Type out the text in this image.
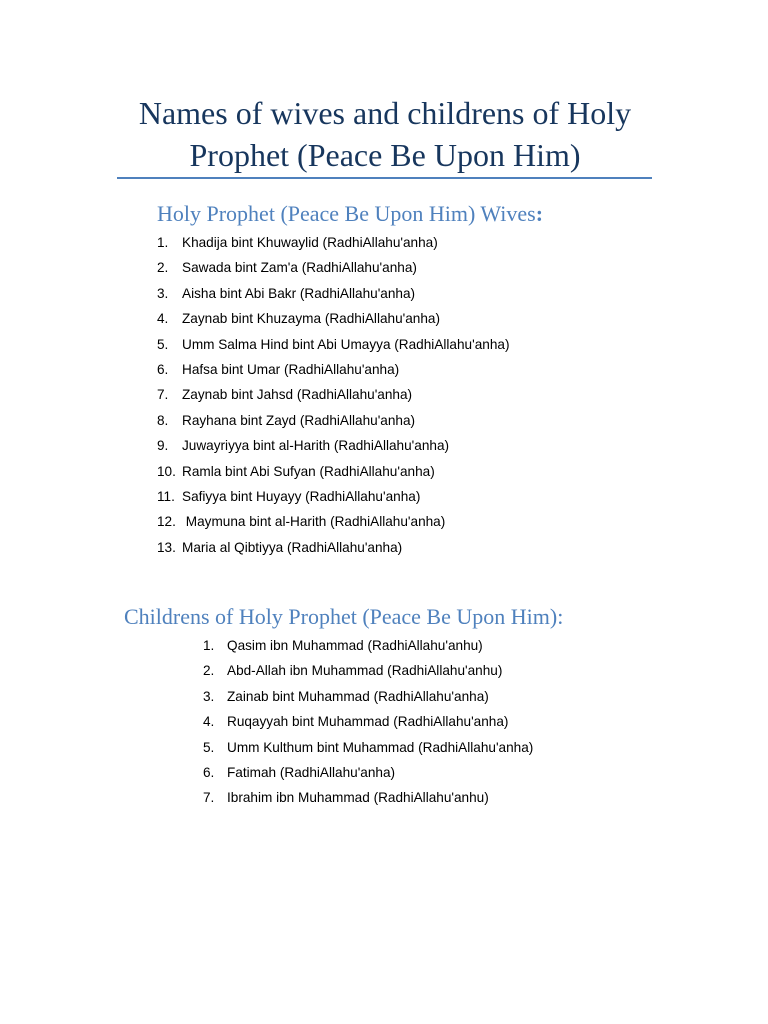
Names of wives and childrens of Holy
Prophet (Peace Be Upon Him)
Holy Prophet (Peace Be Upon Him) Wives:
1. Khadija bint Khuwaylid (RadhiAllahu'anha)
2. Sawada bint Zam'a (RadhiAllahu'anha)
3. Aisha bint Abi Bakr (RadhiAllahu'anha)
4. Zaynab bint Khuzayma (RadhiAllahu'anha)
5. Umm Salma Hind bint Abi Umayya (RadhiAllahu'anha)
6. Hafsa bint Umar (RadhiAllahu'anha)
7. Zaynab bint Jahsd (RadhiAllahu'anha)
8. Rayhana bint Zayd (RadhiAllahu'anha)
9. Juwayriyya bint al-Harith (RadhiAllahu'anha)
10. Ramla bint Abi Sufyan (RadhiAllahu'anha)
11. Safiyya bint Huyayy (RadhiAllahu'anha)
12. Maymuna bint al-Harith (RadhiAllahu'anha)
13. Maria al Qibtiyya (RadhiAllahu'anha)
Childrens of Holy Prophet (Peace Be Upon Him):
1. Qasim ibn Muhammad (RadhiAllahu'anhu)
2. Abd-Allah ibn Muhammad (RadhiAllahu'anhu)
3. Zainab bint Muhammad (RadhiAllahu'anha)
4. Ruqayyah bint Muhammad (RadhiAllahu'anha)
5. Umm Kulthum bint Muhammad (RadhiAllahu'anha)
6. Fatimah (RadhiAllahu'anha)
7. Ibrahim ibn Muhammad (RadhiAllahu'anhu)
